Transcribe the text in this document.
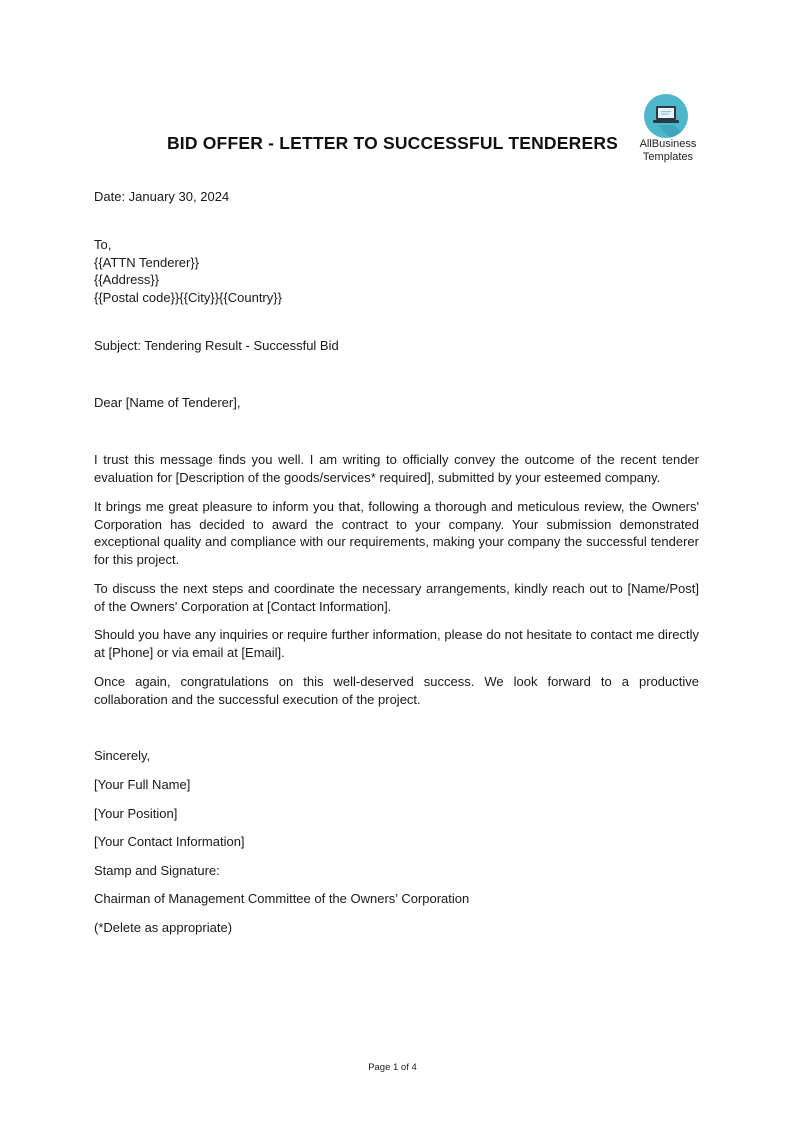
BID OFFER - LETTER TO SUCCESSFUL TENDERERS	AllBusiness
Templates
Date: January 30, 2024
To,
{{ATTN Tenderer}}
{{Address}}
{{Postal code}}{{City}}{{Country}}
Subject: Tendering Result - Successful Bid
Dear [Name of Tenderer],
I trust this message finds you well. I am writing to officially convey the outcome of the recent tender evaluation for [Description of the goods/services* required], submitted by your esteemed company.
It brings me great pleasure to inform you that, following a thorough and meticulous review, the Owners' Corporation has decided to award the contract to your company. Your submission demonstrated exceptional quality and compliance with our requirements, making your company the successful tenderer for this project.
To discuss the next steps and coordinate the necessary arrangements, kindly reach out to [Name/Post] of the Owners' Corporation at [Contact Information].
Should you have any inquiries or require further information, please do not hesitate to contact me directly at [Phone] or via email at [Email].
Once again, congratulations on this well-deserved success. We look forward to a productive collaboration and the successful execution of the project.
Sincerely,
[Your Full Name]
[Your Position]
[Your Contact Information]
Stamp and Signature:
Chairman of Management Committee of the Owners’ Corporation
(*Delete as appropriate)
Page 1 of 4
